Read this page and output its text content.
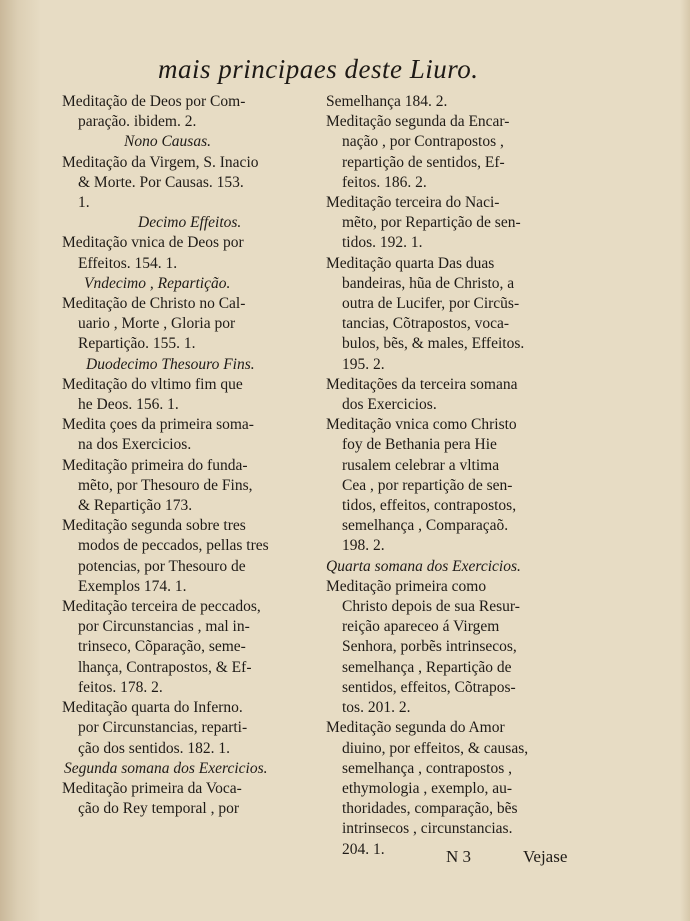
mais principaes deste Liuro.
Meditação de Deos por Com-
paração. ibidem. 2.
Nono Causas.
Meditação da Virgem, S. Inacio
& Morte. Por Causas. 153.
1.
Decimo Effeitos.
Meditação vnica de Deos por
Effeitos. 154. 1.
Vndecimo , Repartição.
Meditação de Christo no Cal-
uario , Morte , Gloria por
Repartição. 155. 1.
Duodecimo Thesouro Fins.
Meditação do vltimo fim que
he Deos. 156. 1.
Medita çoes da primeira soma-
na dos Exercicios.
Meditação primeira do funda-
mẽto, por Thesouro de Fins,
& Repartição 173.
Meditação segunda sobre tres
modos de peccados, pellas tres
potencias, por Thesouro de
Exemplos 174. 1.
Meditação terceira de peccados,
por Circunstancias , mal in-
trinseco, Cõparação, seme-
lhança, Contrapostos, & Ef-
feitos. 178. 2.
Meditação quarta do Inferno.
por Circunstancias, reparti-
ção dos sentidos. 182. 1.
Segunda somana dos Exercicios.
Meditação primeira da Voca-
ção do Rey temporal , por
Semelhança 184. 2.
Meditação segunda da Encar-
nação , por Contrapostos ,
repartição de sentidos, Ef-
feitos. 186. 2.
Meditação terceira do Naci-
mẽto, por Repartição de sen-
tidos. 192. 1.
Meditação quarta Das duas
bandeiras, hũa de Christo, a
outra de Lucifer, por Circũs-
tancias, Cõtrapostos, voca-
bulos, bẽs, & males, Effeitos.
195. 2.
Meditações da terceira somana
dos Exercicios.
Meditação vnica como Christo
foy de Bethania pera Hie
rusalem celebrar a vltima
Cea , por repartição de sen-
tidos, effeitos, contrapostos,
semelhança , Comparaçaõ.
198. 2.
Quarta somana dos Exercicios.
Meditação primeira como
Christo depois de sua Resur-
reição apareceo á Virgem
Senhora, porbẽs intrinsecos,
semelhança , Repartição de
sentidos, effeitos, Cõtrapos-
tos. 201. 2.
Meditação segunda do Amor
diuino, por effeitos, & causas,
semelhança , contrapostos ,
ethymologia , exemplo, au-
thoridades, comparação, bẽs
intrinsecos , circunstancias.
204. 1.	N 3	Vejase
